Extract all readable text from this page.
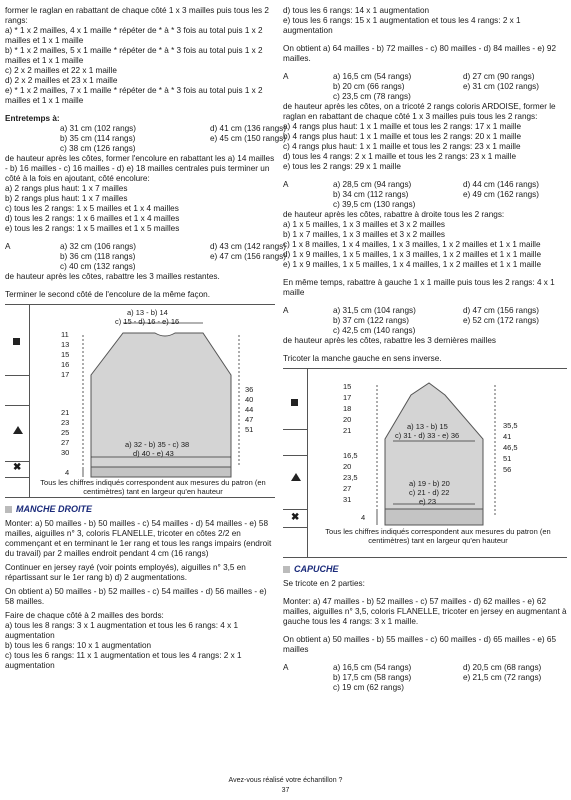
former le raglan en rabattant de chaque côté 1 x 3 mailles puis tous les 2 rangs:

a) * 1 x 2 mailles, 4 x 1 maille * répéter de * à * 3 fois au total puis 1 x 2 mailles et 1 x 1 maille

b) * 1 x 2 mailles, 5 x 1 maille * répéter de * à * 3 fois au total puis 1 x 2 mailles et 1 x 1 maille

c) 2 x 2 mailles et 22 x 1 maille

d) 2 x 2 mailles et 23 x 1 maille

e) * 1 x 2 mailles, 7 x 1 maille * répéter de * à * 3 fois au total puis 1 x 2 mailles et 1 x 1 maille

Entretemps à:

a) 31 cm (102 rangs)	d) 41 cm (136 rangs)
b) 35 cm (114 rangs)	e) 45 cm (150 rangs)
c) 38 cm (126 rangs)

de hauteur après les côtes, former l'encolure en rabattant les a) 14 mailles - b) 16 mailles - c) 16 mailles - d) e) 18 mailles centrales puis terminer un côté à la fois en ajoutant, côté encolure:

a) 2 rangs plus haut: 1 x 7 mailles

b) 2 rangs plus haut: 1 x 7 mailles

c) tous les 2 rangs: 1 x 5 mailles et 1 x 4 mailles

d) tous les 2 rangs: 1 x 6 mailles et 1 x 4 mailles

e) tous les 2 rangs: 1 x 5 mailles et 1 x 5 mailles

A	a) 32 cm (106 rangs)	d) 43 cm (142 rangs)
b) 36 cm (118 rangs)	e) 47 cm (156 rangs)
c) 40 cm (132 rangs)

de hauteur après les côtes, rabattre les 3 mailles restantes.

Terminer le second côté de l'encolure de la même façon.

✖
a) 13 - b) 14
c) 15 - d) 16 - e) 16
11
13
15
16
17
21
23
25
27
30
36
40
44
47
51
a) 32 - b) 35 - c) 38
d) 40 - e) 43
4
Tous les chiffres indiqués correspondent aux mesures du patron (en centimètres) tant en largeur qu'en hauteur
MANCHE DROITE

Monter: a) 50 mailles - b) 50 mailles - c) 54 mailles - d) 54 mailles - e) 58 mailles, aiguilles n° 3, coloris FLANELLE, tricoter en côtes 2/2 en commençant et en terminant le 1er rang et tous les rangs impairs (endroit du travail) par 2 mailles endroit pendant 4 cm (16 rangs)

Continuer en jersey rayé (voir points employés), aiguilles n° 3,5 en répartissant sur le 1er rang b) d) 2 augmentations.

On obtient a) 50 mailles - b) 52 mailles - c) 54 mailles - d) 56 mailles - e) 58 mailles.

Faire de chaque côté à 2 mailles des bords:

a) tous les 8 rangs: 3 x 1 augmentation et tous les 6 rangs: 4 x 1 augmentation

b) tous les 6 rangs: 10 x 1 augmentation

c) tous les 6 rangs: 11 x 1 augmentation et tous les 4 rangs: 2 x 1 augmentation

d) tous les 6 rangs: 14 x 1 augmentation

e) tous les 6 rangs: 15 x 1 augmentation et tous les 4 rangs: 2 x 1 augmentation

On obtient a) 64 mailles - b) 72 mailles - c) 80 mailles - d) 84 mailles - e) 92 mailles.

A	a) 16,5 cm (54 rangs)	d) 27 cm (90 rangs)
b) 20 cm (66 rangs)	e) 31 cm (102 rangs)
c) 23,5 cm (78 rangs)

de hauteur après les côtes, on a tricoté 2 rangs coloris ARDOISE, former le raglan en rabattant de chaque côté 1 x 3 mailles puis tous les 2 rangs:

a) 4 rangs plus haut: 1 x 1 maille et tous les 2 rangs: 17 x 1 maille

b) 4 rangs plus haut: 1 x 1 maille et tous les 2 rangs: 20 x 1 maille

c) 4 rangs plus haut: 1 x 1 maille et tous les 2 rangs: 23 x 1 maille

d) tous les 4 rangs: 2 x 1 maille et tous les 2 rangs: 23 x 1 maille

e) tous les 2 rangs: 29 x 1 maille

A	a) 28,5 cm (94 rangs)	d) 44 cm (146 rangs)
b) 34 cm (112 rangs)	e) 49 cm (162 rangs)
c) 39,5 cm (130 rangs)

de hauteur après les côtes, rabattre à droite tous les 2 rangs:

a) 1 x 5 mailles, 1 x 3 mailles et 3 x 2 mailles

b) 1 x 7 mailles, 1 x 3 mailles et 3 x 2 mailles

c) 1 x 8 mailles, 1 x 4 mailles, 1 x 3 mailles, 1 x 2 mailles et 1 x 1 maille

d) 1 x 9 mailles, 1 x 5 mailles, 1 x 3 mailles, 1 x 2 mailles et 1 x 1 maille

e) 1 x 9 mailles, 1 x 5 mailles, 1 x 4 mailles, 1 x 2 mailles et 1 x 1 maille

En même temps, rabattre à gauche 1 x 1 maille puis tous les 2 rangs: 4 x 1 maille

A	a) 31,5 cm (104 rangs)	d) 47 cm (156 rangs)
b) 37 cm (122 rangs)	e) 52 cm (172 rangs)
c) 42,5 cm (140 rangs)

de hauteur après les côtes, rabattre les 3 dernières mailles

Tricoter la manche gauche en sens inverse.

✖
15
17
18
20
21
16,5
20
23,5
27
31
35,5
41
46,5
51
56
a) 13 - b) 15
c) 31 - d) 33 - e) 36
a) 19 - b) 20
c) 21 - d) 22
e) 23
4
Tous les chiffres indiqués correspondent aux mesures du patron (en centimètres) tant en largeur qu'en hauteur
CAPUCHE

Se tricote en 2 parties:

Monter: a) 47 mailles - b) 52 mailles - c) 57 mailles - d) 62 mailles - e) 62 mailles, aiguilles n° 3,5, coloris FLANELLE, tricoter en jersey en augmentant à gauche tous les 4 rangs: 3 x 1 maille.

On obtient a) 50 mailles - b) 55 mailles - c) 60 mailles - d) 65 mailles - e) 65 mailles

A	a) 16,5 cm (54 rangs)	d) 20,5 cm (68 rangs)
b) 17,5 cm (58 rangs)	e) 21,5 cm (72 rangs)
c) 19 cm (62 rangs)
Avez-vous réalisé votre échantillon ?
37
